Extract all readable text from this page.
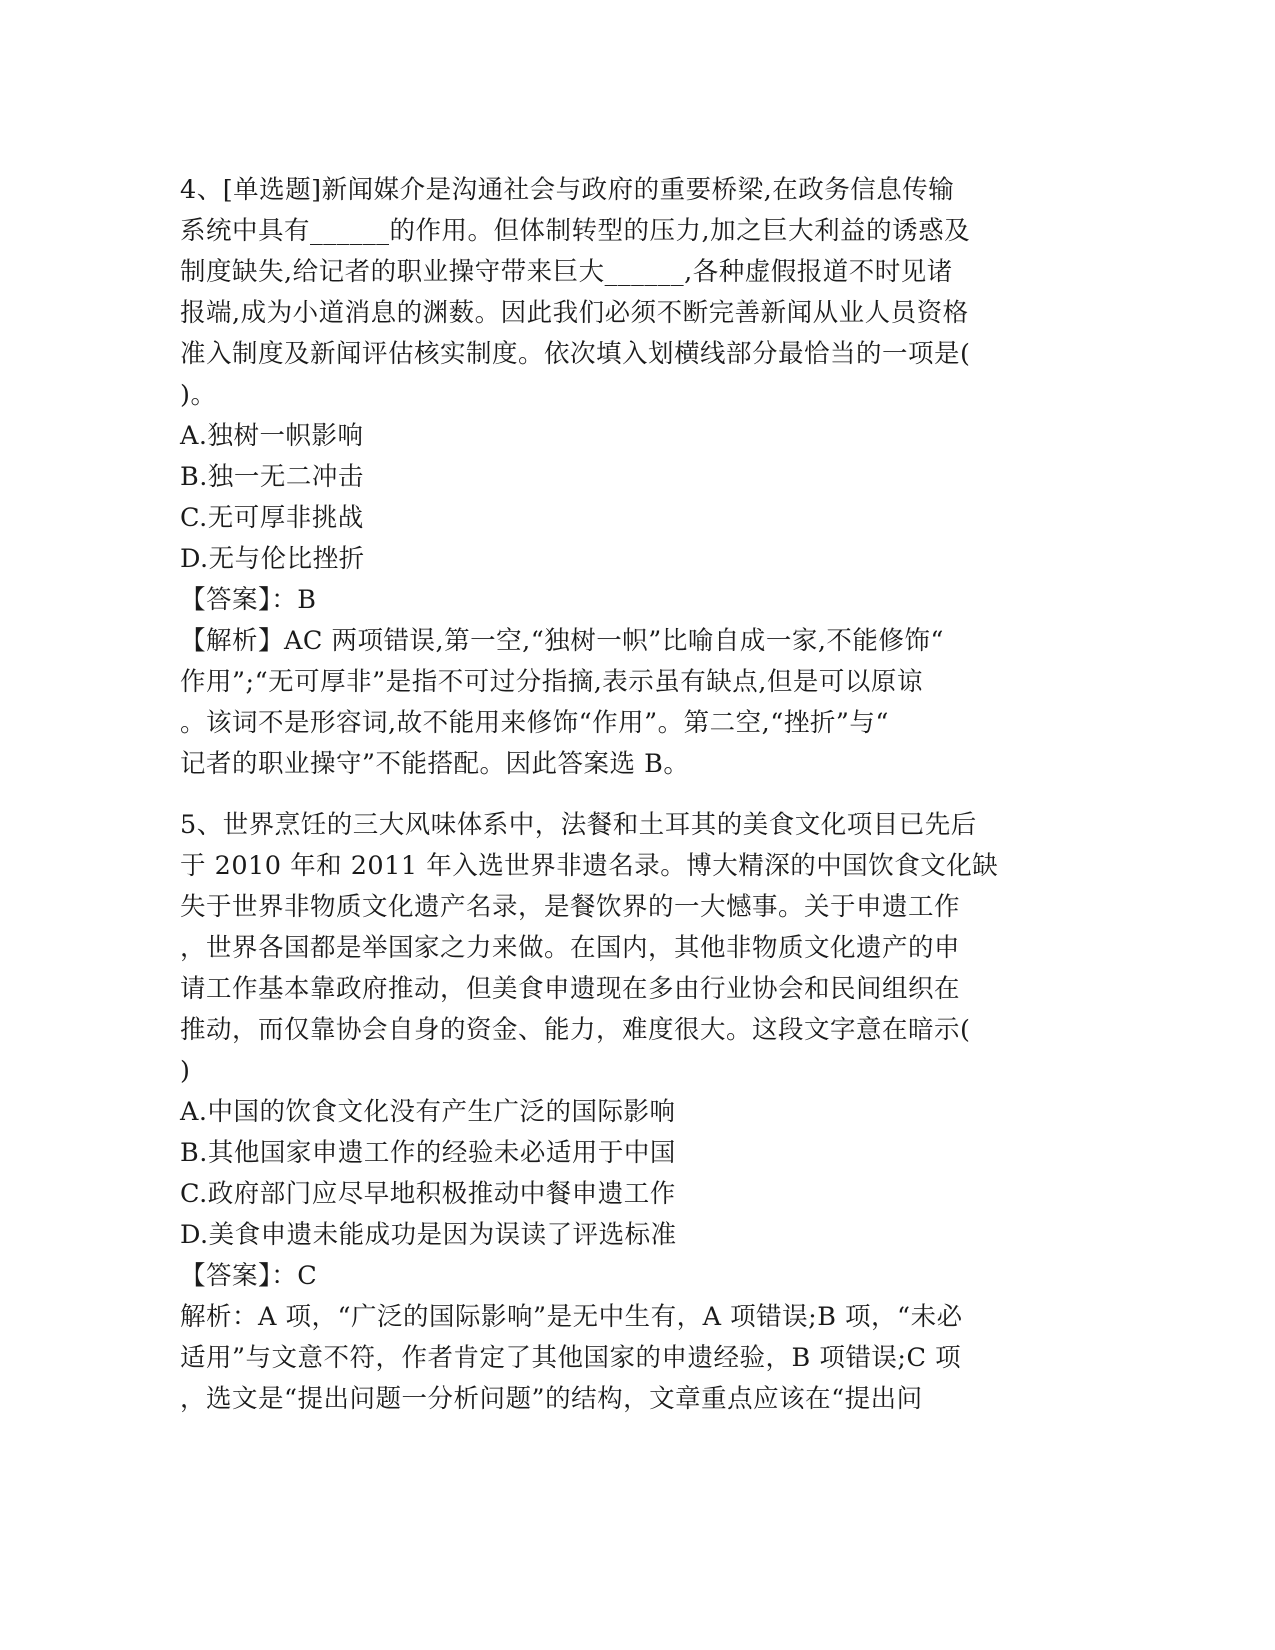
4、[单选题]新闻媒介是沟通社会与政府的重要桥梁,在政务信息传输
系统中具有______的作用。但体制转型的压力,加之巨大利益的诱惑及
制度缺失,给记者的职业操守带来巨大______,各种虚假报道不时见诸
报端,成为小道消息的渊薮。因此我们必须不断完善新闻从业人员资格
准入制度及新闻评估核实制度。依次填入划横线部分最恰当的一项是(
)。
A.独树一帜影响
B.独一无二冲击
C.无可厚非挑战
D.无与伦比挫折
【答案】：B
【解析】AC 两项错误,第一空,“独树一帜”比喻自成一家,不能修饰“
作用”;“无可厚非”是指不可过分指摘,表示虽有缺点,但是可以原谅
。该词不是形容词,故不能用来修饰“作用”。第二空,“挫折”与“
记者的职业操守”不能搭配。因此答案选 B。
5、世界烹饪的三大风味体系中，法餐和土耳其的美食文化项目已先后
于 2010 年和 2011 年入选世界非遗名录。博大精深的中国饮食文化缺
失于世界非物质文化遗产名录，是餐饮界的一大憾事。关于申遗工作
，世界各国都是举国家之力来做。在国内，其他非物质文化遗产的申
请工作基本靠政府推动，但美食申遗现在多由行业协会和民间组织在
推动，而仅靠协会自身的资金、能力，难度很大。这段文字意在暗示(
)
A.中国的饮食文化没有产生广泛的国际影响
B.其他国家申遗工作的经验未必适用于中国
C.政府部门应尽早地积极推动中餐申遗工作
D.美食申遗未能成功是因为误读了评选标准
【答案】：C
解析：A 项，“广泛的国际影响”是无中生有，A 项错误;B 项，“未必
适用”与文意不符，作者肯定了其他国家的申遗经验，B 项错误;C 项
，选文是“提出问题一分析问题”的结构，文章重点应该在“提出问
